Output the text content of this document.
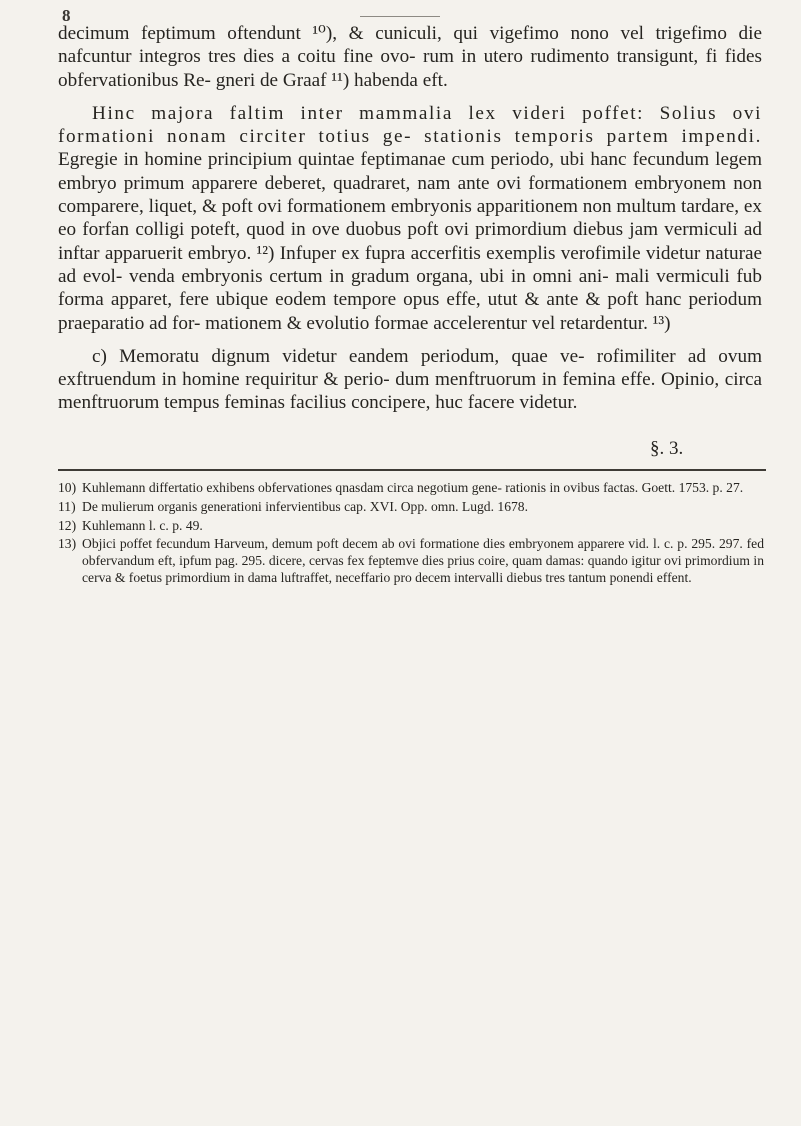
8

decimum feptimum oftendunt ¹⁰), & cuniculi, qui vigefimo nono vel trigefimo die nafcuntur integros tres dies a coitu fine ovo- rum in utero rudimento transigunt, fi fides obfervationibus Re- gneri de Graaf ¹¹) habenda eft.

Hinc majora faltim inter mammalia lex videri poffet: Solius ovi formationi nonam circiter totius ge- stationis temporis partem impendi. Egregie in homine principium quintae feptimanae cum periodo, ubi hanc fecundum legem embryo primum apparere deberet, quadraret, nam ante ovi formationem embryonem non comparere, liquet, & poft ovi formationem embryonis apparitionem non multum tardare, ex eo forfan colligi poteft, quod in ove duobus poft ovi primordium diebus jam vermiculi ad inftar apparuerit embryo. ¹²) Infuper ex fupra accerfitis exemplis verofimile videtur naturae ad evol- venda embryonis certum in gradum organa, ubi in omni ani- mali vermiculi fub forma apparet, fere ubique eodem tempore opus effe, utut & ante & poft hanc periodum praeparatio ad for- mationem & evolutio formae accelerentur vel retardentur. ¹³)

c) Memoratu dignum videtur eandem periodum, quae ve- rofimiliter ad ovum exftruendum in homine requiritur & perio- dum menftruorum in femina effe. Opinio, circa menftruorum tempus feminas facilius concipere, huc facere videtur.

§. 3.

10) Kuhlemann differtatio exhibens obfervationes qnasdam circa negotium gene- rationis in ovibus factas. Goett. 1753. p. 27.

11) De mulierum organis generationi infervientibus cap. XVI. Opp. omn. Lugd. 1678.

12) Kuhlemann l. c. p. 49.

13) Objici poffet fecundum Harveum, demum poft decem ab ovi formatione dies embryonem apparere vid. l. c. p. 295. 297. fed obfervandum eft, ipfum pag. 295. dicere, cervas fex feptemve dies prius coire, quam damas: quando igitur ovi primordium in cerva & foetus primordium in dama luftraffet, neceffario pro decem intervalli diebus tres tantum ponendi effent.
